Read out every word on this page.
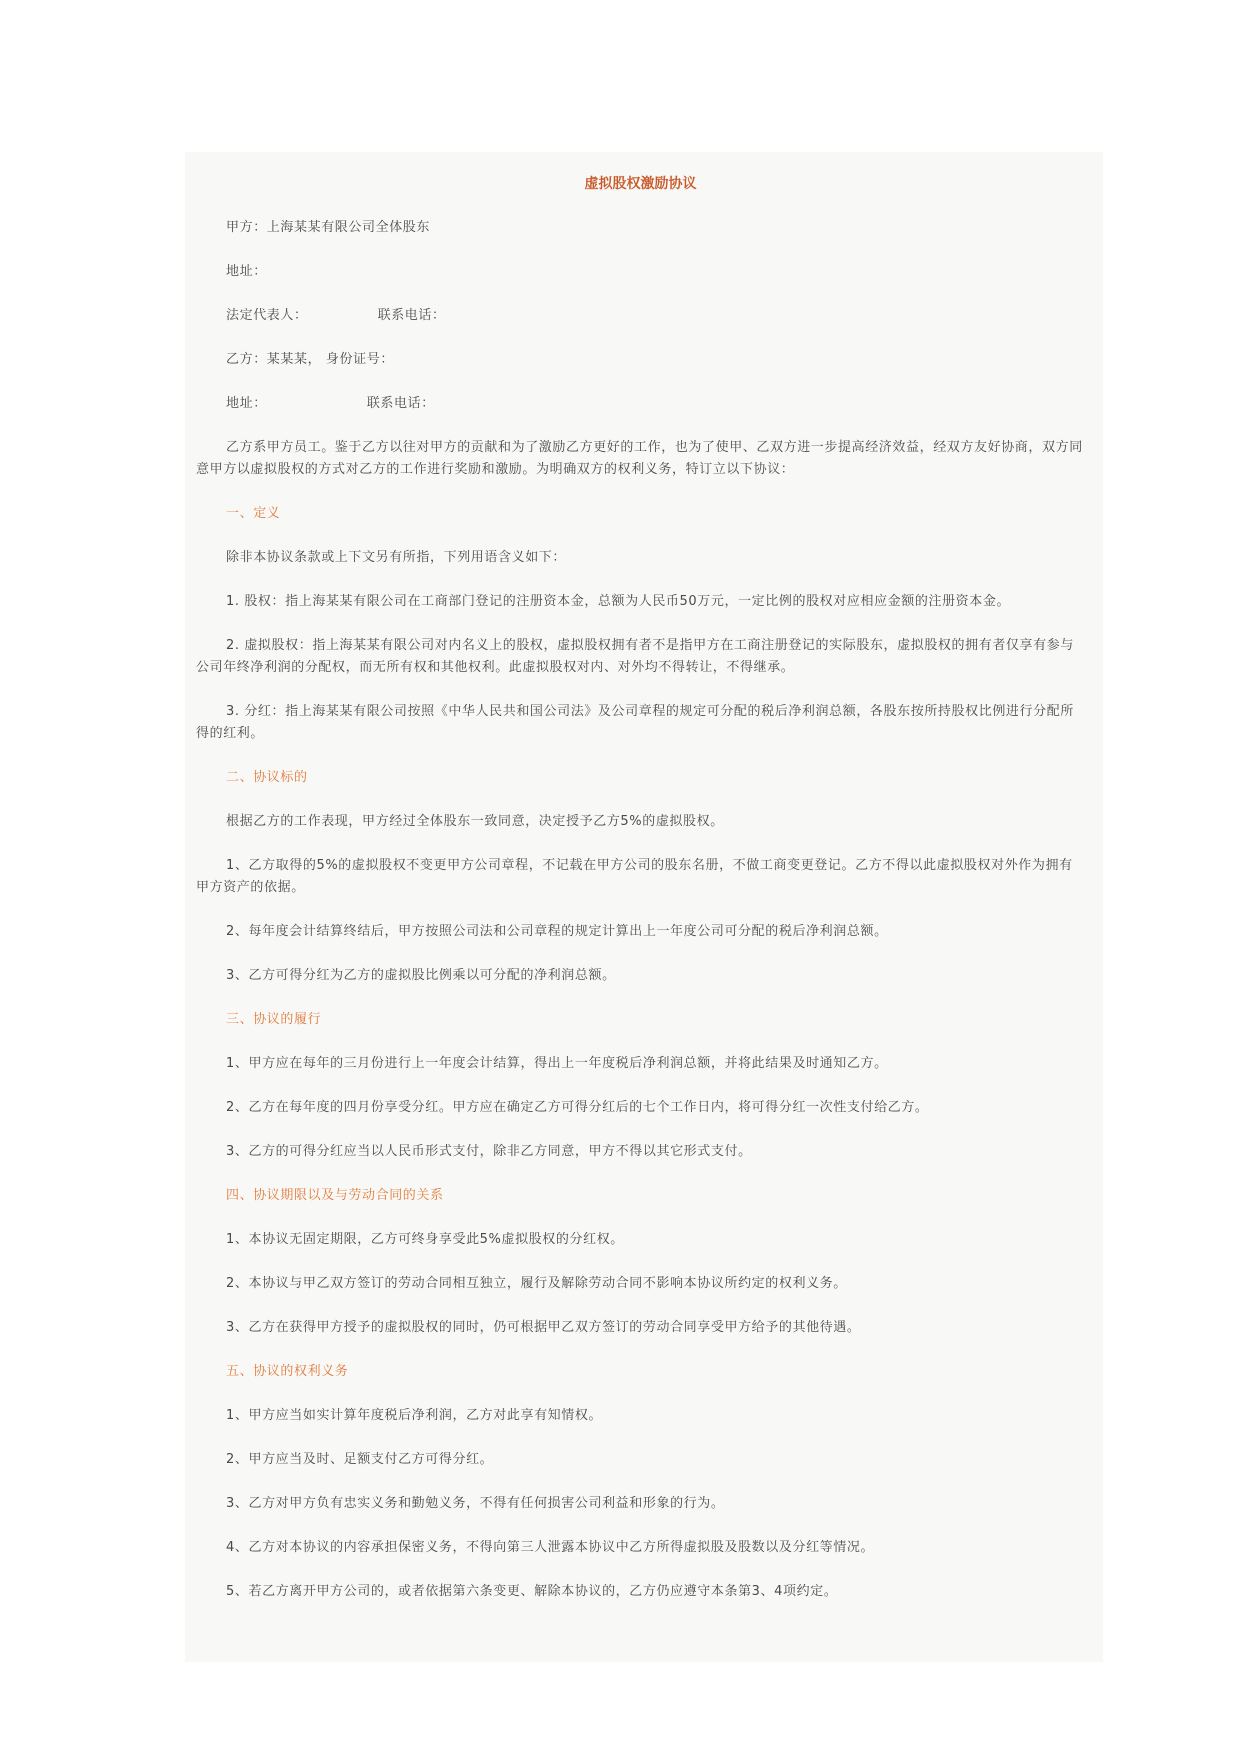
虚拟股权激励协议

甲方：上海某某有限公司全体股东

地址：

法定代表人：	联系电话：

乙方：某某某， 身份证号：

地址：	联系电话：

乙方系甲方员工。鉴于乙方以往对甲方的贡献和为了激励乙方更好的工作，也为了使甲、乙双方进一步提高经济效益，经双方友好协商，双方同意甲方以虚拟股权的方式对乙方的工作进行奖励和激励。为明确双方的权利义务，特订立以下协议：

一、定义

除非本协议条款或上下文另有所指，下列用语含义如下：

1. 股权：指上海某某有限公司在工商部门登记的注册资本金，总额为人民币50万元，一定比例的股权对应相应金额的注册资本金。

2. 虚拟股权：指上海某某有限公司对内名义上的股权，虚拟股权拥有者不是指甲方在工商注册登记的实际股东，虚拟股权的拥有者仅享有参与公司年终净利润的分配权，而无所有权和其他权利。此虚拟股权对内、对外均不得转让，不得继承。

3. 分红：指上海某某有限公司按照《中华人民共和国公司法》及公司章程的规定可分配的税后净利润总额，各股东按所持股权比例进行分配所得的红利。

二、协议标的

根据乙方的工作表现，甲方经过全体股东一致同意，决定授予乙方5%的虚拟股权。

1、乙方取得的5%的虚拟股权不变更甲方公司章程，不记载在甲方公司的股东名册，不做工商变更登记。乙方不得以此虚拟股权对外作为拥有甲方资产的依据。

2、每年度会计结算终结后，甲方按照公司法和公司章程的规定计算出上一年度公司可分配的税后净利润总额。

3、乙方可得分红为乙方的虚拟股比例乘以可分配的净利润总额。

三、协议的履行

1、甲方应在每年的三月份进行上一年度会计结算，得出上一年度税后净利润总额，并将此结果及时通知乙方。

2、乙方在每年度的四月份享受分红。甲方应在确定乙方可得分红后的七个工作日内，将可得分红一次性支付给乙方。

3、乙方的可得分红应当以人民币形式支付，除非乙方同意，甲方不得以其它形式支付。

四、协议期限以及与劳动合同的关系

1、本协议无固定期限，乙方可终身享受此5%虚拟股权的分红权。

2、本协议与甲乙双方签订的劳动合同相互独立，履行及解除劳动合同不影响本协议所约定的权利义务。

3、乙方在获得甲方授予的虚拟股权的同时，仍可根据甲乙双方签订的劳动合同享受甲方给予的其他待遇。

五、协议的权利义务

1、甲方应当如实计算年度税后净利润，乙方对此享有知情权。

2、甲方应当及时、足额支付乙方可得分红。

3、乙方对甲方负有忠实义务和勤勉义务，不得有任何损害公司利益和形象的行为。

4、乙方对本协议的内容承担保密义务，不得向第三人泄露本协议中乙方所得虚拟股及股数以及分红等情况。

5、若乙方离开甲方公司的，或者依据第六条变更、解除本协议的，乙方仍应遵守本条第3、4项约定。
